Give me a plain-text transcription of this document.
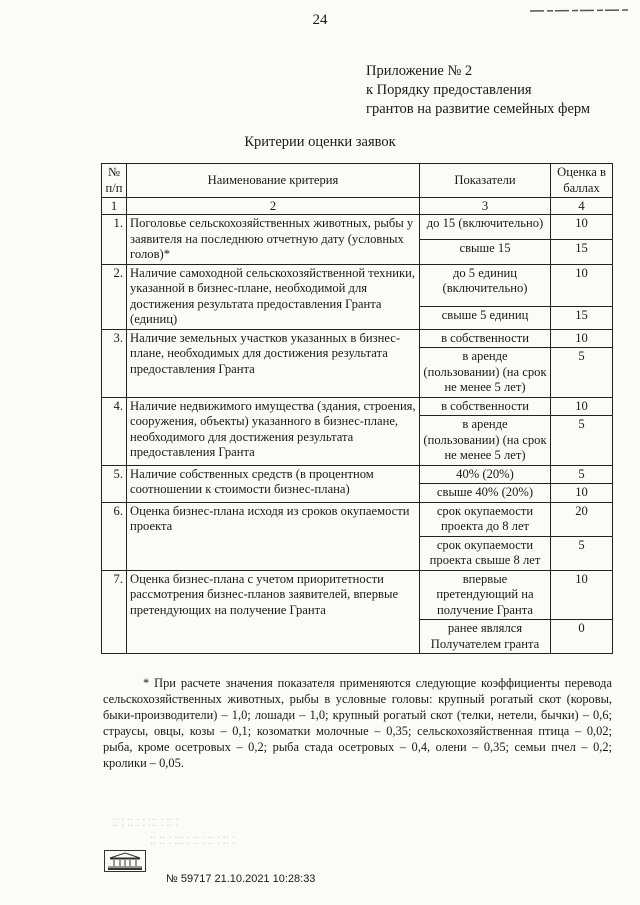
24
Приложение № 2
к Порядку предоставления
грантов на развитие семейных ферм
Критерии оценки заявок
№ п/п	Наименование критерия	Показатели	Оценка в баллах
1	2	3	4
1.	Поголовье сельскохозяйственных животных, рыбы у заявителя на последнюю отчетную дату (условных голов)*	до 15 (включительно)	10
		свыше 15	15
2.	Наличие самоходной сельскохозяйственной техники, указанной в бизнес-плане, необходимой для достижения результата предоставления Гранта (единиц)	до 5 единиц (включительно)	10
		свыше 5 единиц	15
3.	Наличие земельных участков указанных в бизнес-плане, необходимых для достижения результата предоставления Гранта	в собственности	10
		в аренде (пользовании) (на срок не менее 5 лет)	5
4.	Наличие недвижимого имущества (здания, строения, сооружения, объекты) указанного в бизнес-плане, необходимого для достижения результата предоставления Гранта	в собственности	10
		в аренде (пользовании) (на срок не менее 5 лет)	5
5.	Наличие собственных средств (в процентном соотношении к стоимости бизнес-плана)	40% (20%)	5
		свыше 40% (20%)	10
6.	Оценка бизнес-плана исходя из сроков окупаемости проекта	срок окупаемости проекта до 8 лет	20
		срок окупаемости проекта свыше 8 лет	5
7.	Оценка бизнес-плана с учетом приоритетности рассмотрения бизнес-планов заявителей, впервые претендующих на получение Гранта	впервые претендующий на получение Гранта	10
		ранее являлся Получателем гранта	0

* При расчете значения показателя применяются следующие коэффициенты перевода сельскохозяйственных животных, рыбы в условные головы: крупный рогатый скот (коровы, быки-производители) – 1,0; лошади – 1,0; крупный рогатый скот (телки, нетели, бычки) – 0,6; страусы, овцы, козы – 0,1; козоматки молочные – 0,35; сельскохозяйственная птица – 0,02; рыба, кроме осетровых – 0,2; рыба стада осетровых – 0,4, олени – 0,35; семьи пчел – 0,2; кролики – 0,05.

⁚⁚ ⁚ ⁚⁚ ⁚ ⁚ ⁚⁚⁚ ⁚ ⁚⁚ ⁚
⁚⁚ ⁚⁚ ⁚ ⁚⁚⁚ ⁚ ⁚⁚ ⁚ ⁚⁚ ⁚ ⁚⁚ ⁚
№ 59717 21.10.2021 10:28:33
